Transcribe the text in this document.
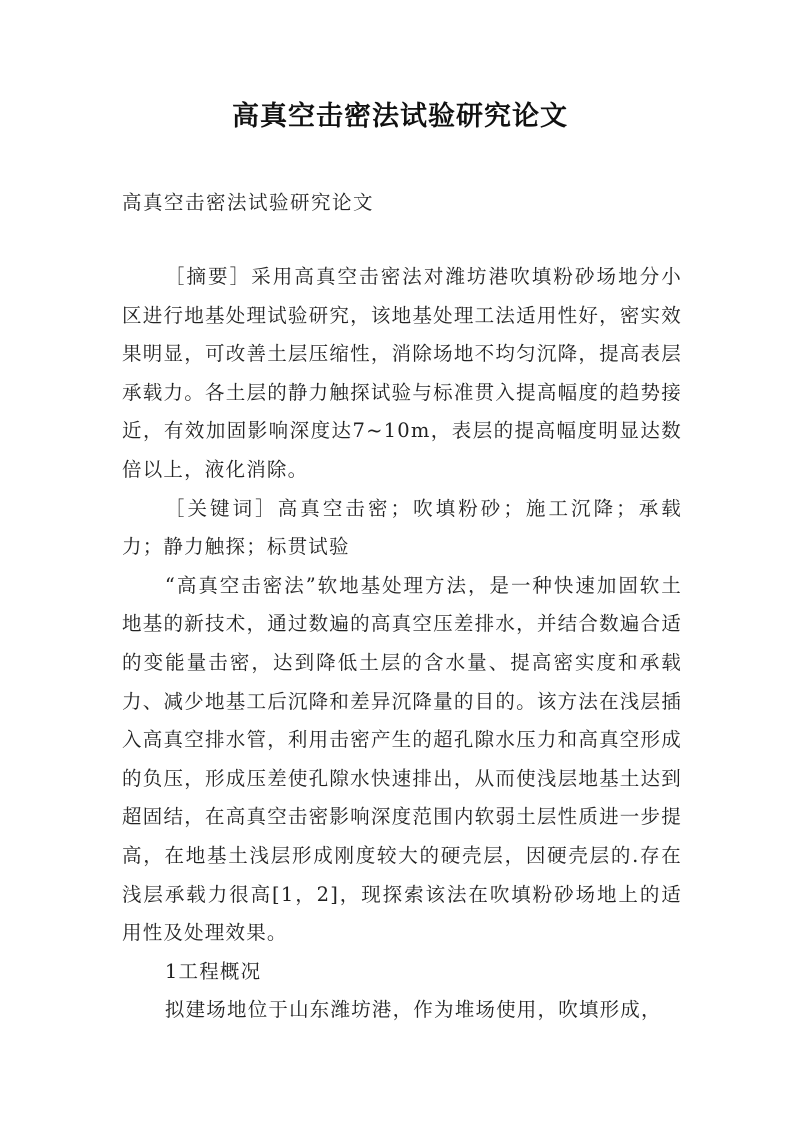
高真空击密法试验研究论文
高真空击密法试验研究论文

［摘要］采用高真空击密法对潍坊港吹填粉砂场地分小区进行地基处理试验研究，该地基处理工法适用性好，密实效果明显，可改善土层压缩性，消除场地不均匀沉降，提高表层承载力。各土层的静力触探试验与标准贯入提高幅度的趋势接近，有效加固影响深度达7~10m，表层的提高幅度明显达数倍以上，液化消除。

［关键词］高真空击密；吹填粉砂；施工沉降；承载力；静力触探；标贯试验

“高真空击密法”软地基处理方法，是一种快速加固软土地基的新技术，通过数遍的高真空压差排水，并结合数遍合适的变能量击密，达到降低土层的含水量、提高密实度和承载力、减少地基工后沉降和差异沉降量的目的。该方法在浅层插入高真空排水管，利用击密产生的超孔隙水压力和高真空形成的负压，形成压差使孔隙水快速排出，从而使浅层地基土达到超固结，在高真空击密影响深度范围内软弱土层性质进一步提高，在地基土浅层形成刚度较大的硬壳层，因硬壳层的.存在浅层承载力很高[1，2]，现探索该法在吹填粉砂场地上的适用性及处理效果。

1工程概况

拟建场地位于山东潍坊港，作为堆场使用，吹填形成，
